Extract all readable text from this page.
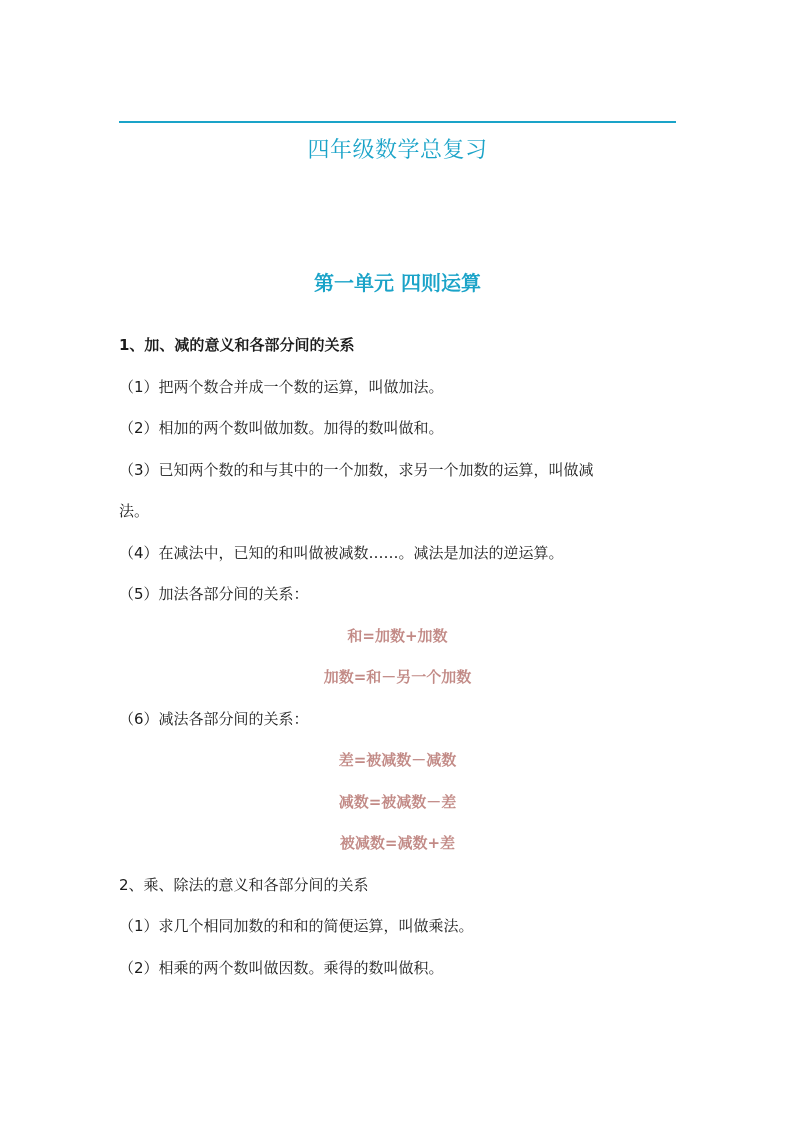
四年级数学总复习
第一单元 四则运算
1、加、减的意义和各部分间的关系
（1）把两个数合并成一个数的运算，叫做加法。
（2）相加的两个数叫做加数。加得的数叫做和。
（3）已知两个数的和与其中的一个加数，求另一个加数的运算，叫做减
法。
（4）在减法中，已知的和叫做被减数……。减法是加法的逆运算。
（5）加法各部分间的关系：
和=加数+加数
加数=和－另一个加数
（6）减法各部分间的关系：
差=被减数－减数
减数=被减数－差
被减数=减数+差
2、乘、除法的意义和各部分间的关系
（1）求几个相同加数的和和的简便运算，叫做乘法。
（2）相乘的两个数叫做因数。乘得的数叫做积。
